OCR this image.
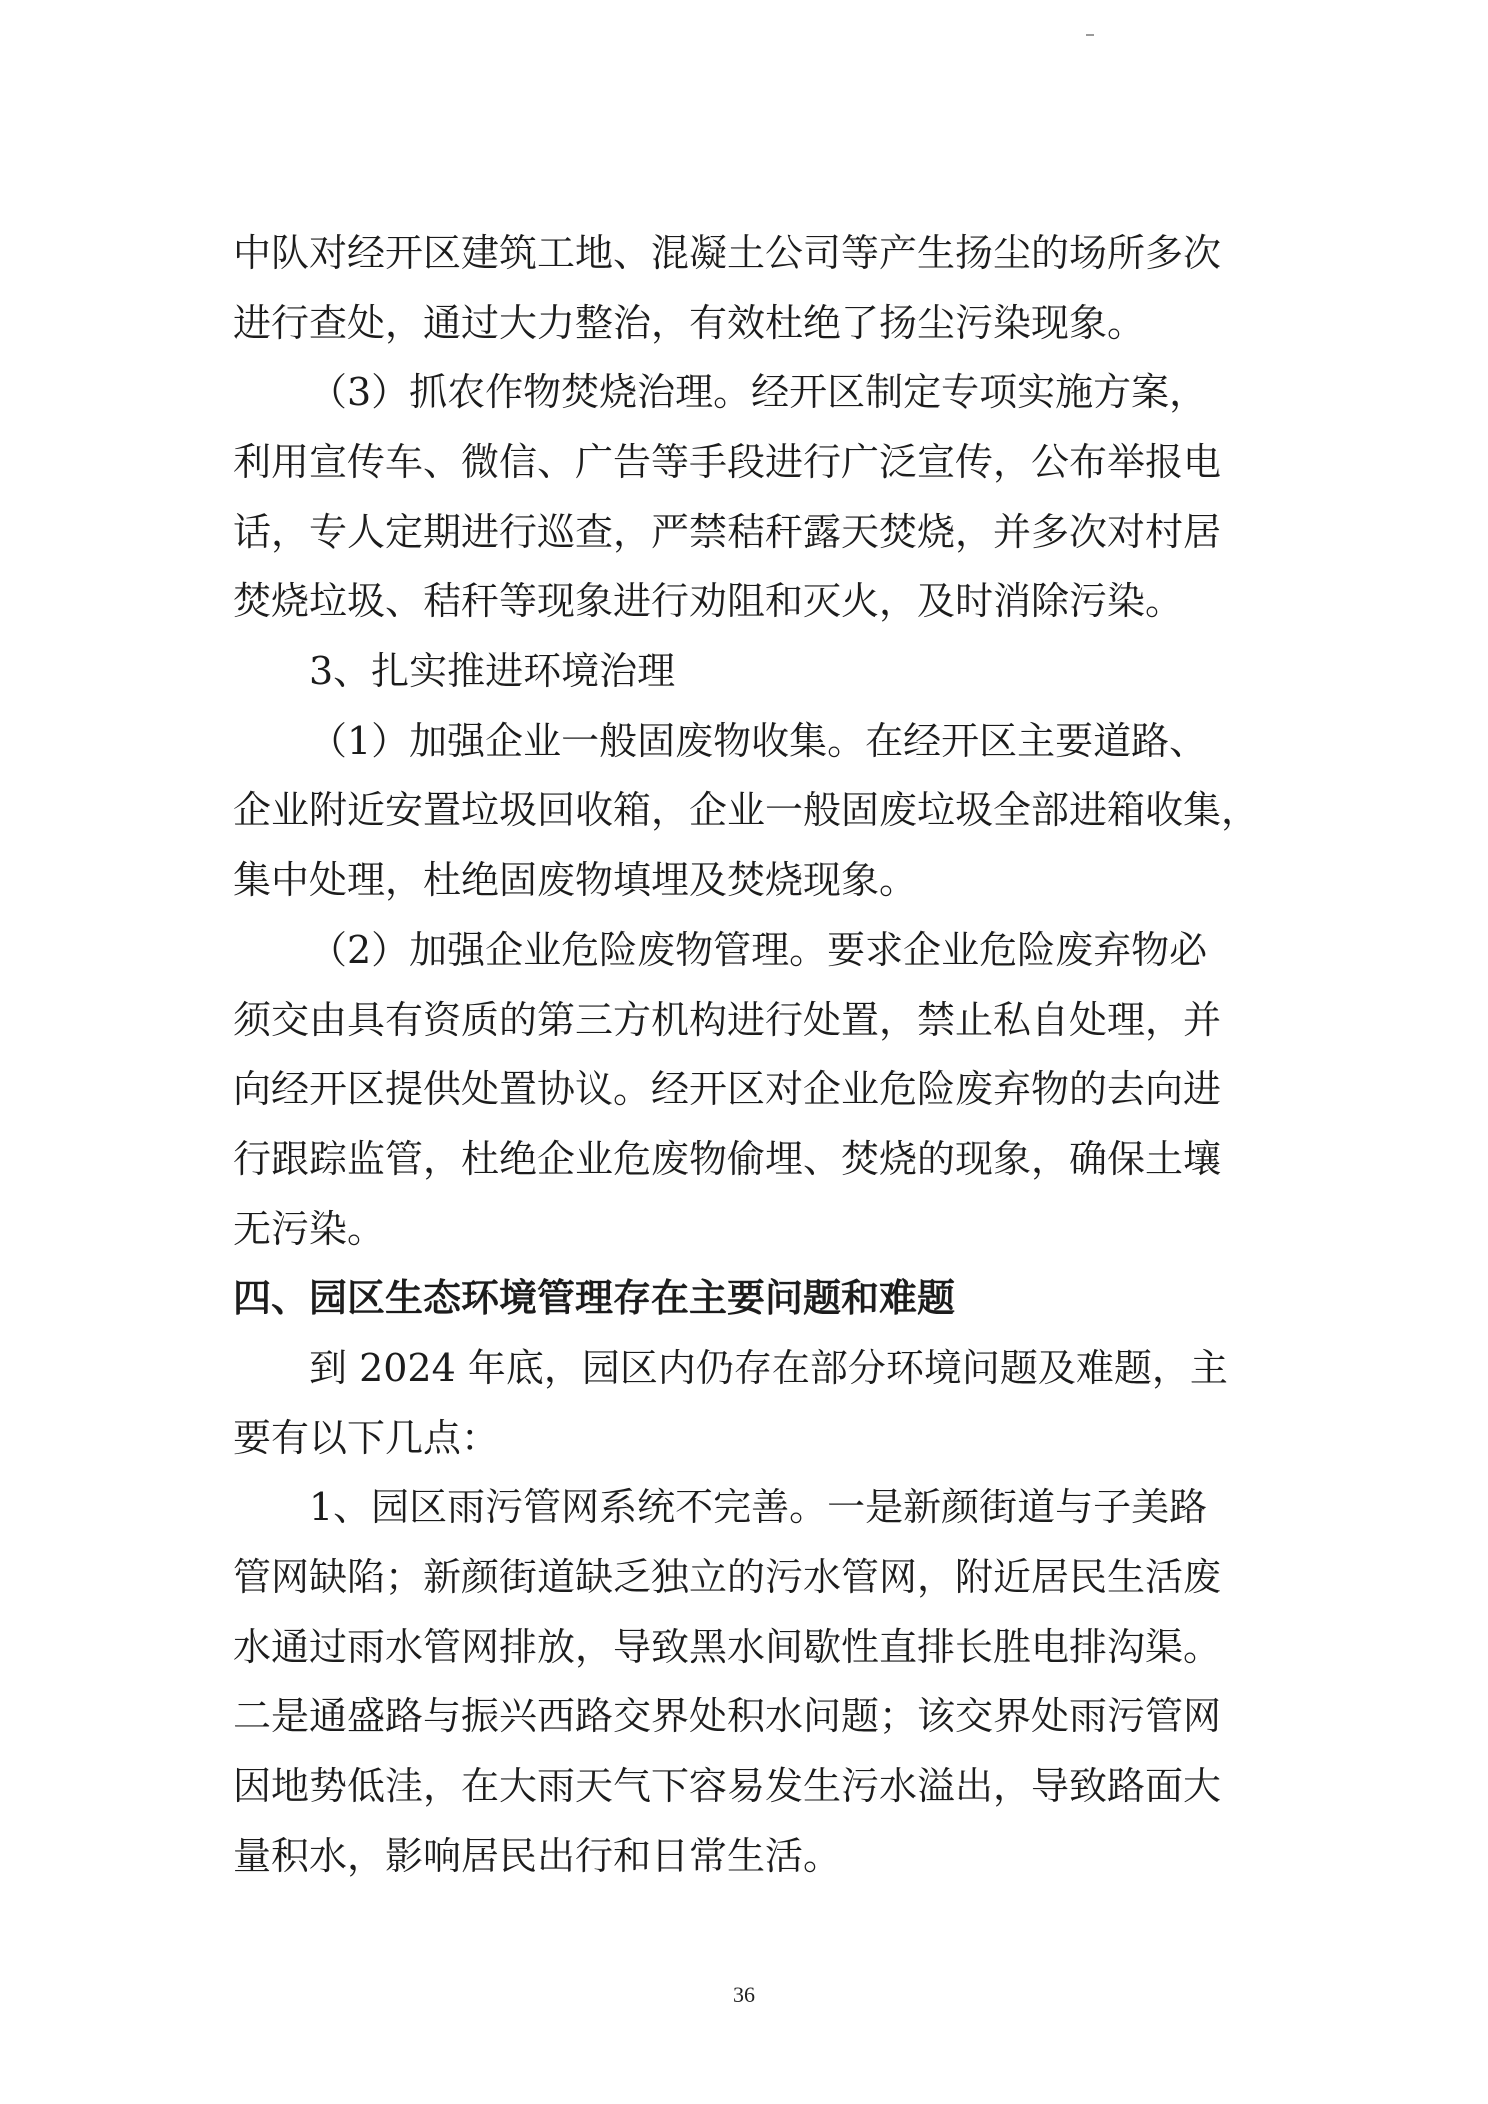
中队对经开区建筑工地、混凝土公司等产生扬尘的场所多次
进行查处，通过大力整治，有效杜绝了扬尘污染现象。
（3）抓农作物焚烧治理。经开区制定专项实施方案，
利用宣传车、微信、广告等手段进行广泛宣传，公布举报电
话，专人定期进行巡查，严禁秸秆露天焚烧，并多次对村居
焚烧垃圾、秸秆等现象进行劝阻和灭火，及时消除污染。
3、扎实推进环境治理
（1）加强企业一般固废物收集。在经开区主要道路、
企业附近安置垃圾回收箱，企业一般固废垃圾全部进箱收集，
集中处理，杜绝固废物填埋及焚烧现象。
（2）加强企业危险废物管理。要求企业危险废弃物必
须交由具有资质的第三方机构进行处置，禁止私自处理，并
向经开区提供处置协议。经开区对企业危险废弃物的去向进
行跟踪监管，杜绝企业危废物偷埋、焚烧的现象，确保土壤
无污染。
四、园区生态环境管理存在主要问题和难题
到 2024 年底，园区内仍存在部分环境问题及难题，主
要有以下几点：
1、园区雨污管网系统不完善。一是新颜街道与子美路
管网缺陷；新颜街道缺乏独立的污水管网，附近居民生活废
水通过雨水管网排放，导致黑水间歇性直排长胜电排沟渠。
二是通盛路与振兴西路交界处积水问题；该交界处雨污管网
因地势低洼，在大雨天气下容易发生污水溢出，导致路面大
量积水，影响居民出行和日常生活。
36
